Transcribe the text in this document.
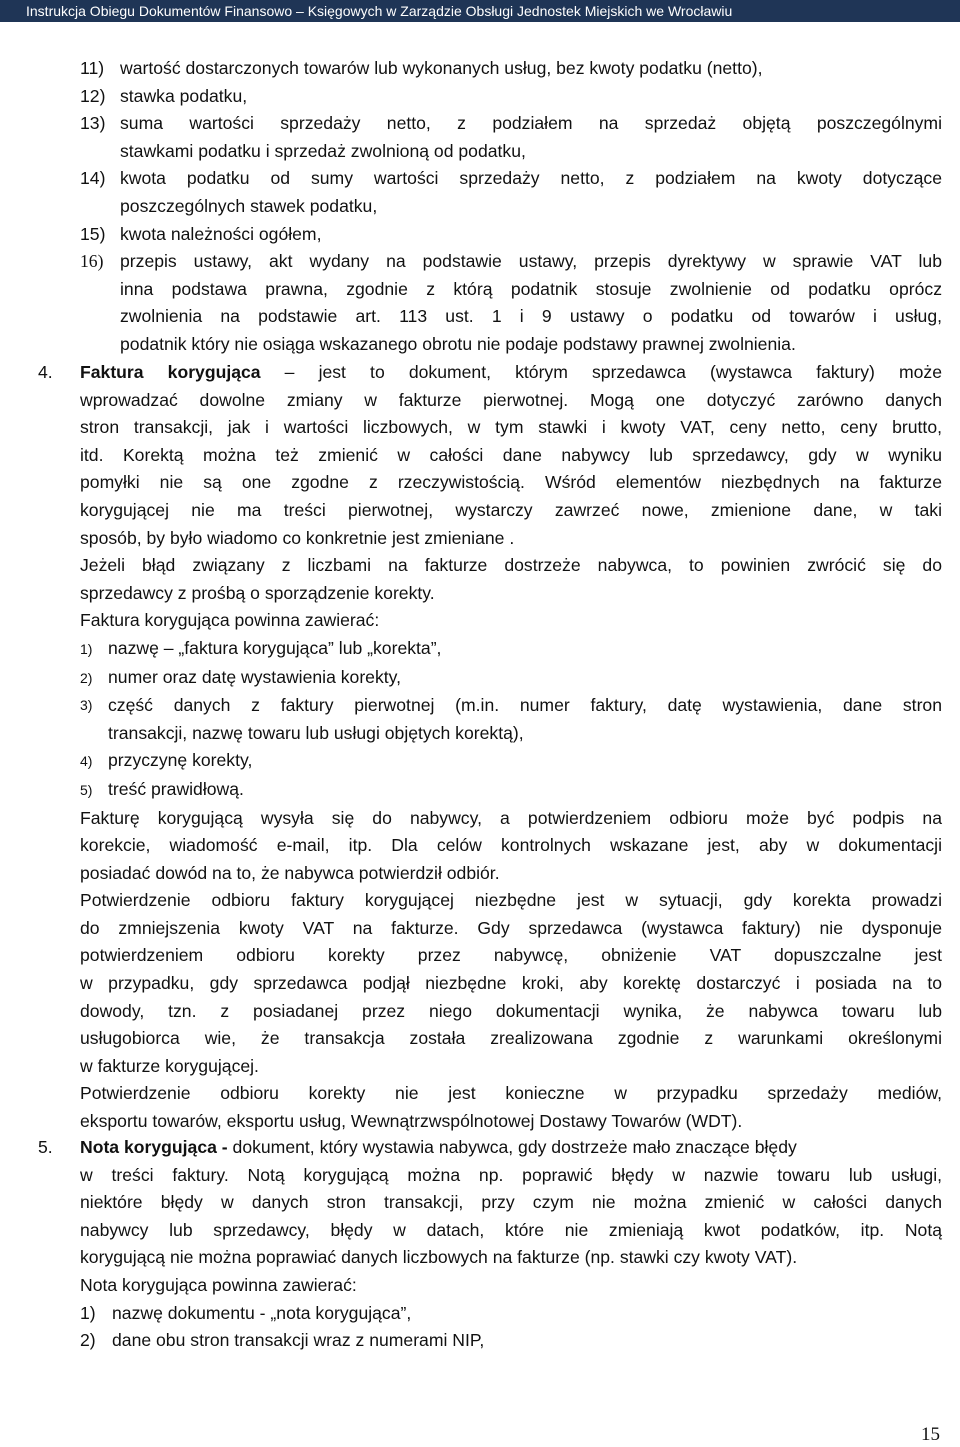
Instrukcja Obiegu Dokumentów Finansowo – Księgowych w Zarządzie Obsługi Jednostek Miejskich we Wrocławiu
11) wartość dostarczonych towarów lub wykonanych usług, bez kwoty podatku (netto),
12) stawka podatku,
13) suma wartości sprzedaży netto, z podziałem na sprzedaż objętą poszczególnymi
stawkami podatku i sprzedaż zwolnioną od podatku,
14) kwota podatku od sumy wartości sprzedaży netto, z podziałem na kwoty dotyczące
poszczególnych stawek podatku,
15) kwota należności ogółem,
16) przepis ustawy, akt wydany na podstawie ustawy, przepis dyrektywy w sprawie VAT lub
inna podstawa prawna, zgodnie z którą podatnik stosuje zwolnienie od podatku oprócz
zwolnienia na podstawie art. 113 ust. 1 i 9 ustawy o podatku od towarów i usług,
podatnik który nie osiąga wskazanego obrotu nie podaje podstawy prawnej zwolnienia.
4. Faktura korygująca – jest to dokument, którym sprzedawca (wystawca faktury) może
wprowadzać dowolne zmiany w fakturze pierwotnej. Mogą one dotyczyć zarówno danych
stron transakcji, jak i wartości liczbowych, w tym stawki i kwoty VAT, ceny netto, ceny brutto,
itd. Korektą można też zmienić w całości dane nabywcy lub sprzedawcy, gdy w wyniku
pomyłki nie są one zgodne z rzeczywistością. Wśród elementów niezbędnych na fakturze
korygującej nie ma treści pierwotnej, wystarczy zawrzeć nowe, zmienione dane, w taki
sposób, by było wiadomo co konkretnie jest zmieniane .
Jeżeli błąd związany z liczbami na fakturze dostrzeże nabywca, to powinien zwrócić się do
sprzedawcy z prośbą o sporządzenie korekty.
Faktura korygująca powinna zawierać:
1) nazwę – „faktura korygująca” lub „korekta”,
2) numer oraz datę wystawienia korekty,
3) część danych z faktury pierwotnej (m.in. numer faktury, datę wystawienia, dane stron
transakcji, nazwę towaru lub usługi objętych korektą),
4) przyczynę korekty,
5) treść prawidłową.
Fakturę korygującą wysyła się do nabywcy, a potwierdzeniem odbioru może być podpis na
korekcie, wiadomość e-mail, itp. Dla celów kontrolnych wskazane jest, aby w dokumentacji
posiadać dowód na to, że nabywca potwierdził odbiór.
Potwierdzenie odbioru faktury korygującej niezbędne jest w sytuacji, gdy korekta prowadzi
do zmniejszenia kwoty VAT na fakturze. Gdy sprzedawca (wystawca faktury) nie dysponuje
potwierdzeniem odbioru korekty przez nabywcę, obniżenie VAT dopuszczalne jest
w przypadku, gdy sprzedawca podjął niezbędne kroki, aby korektę dostarczyć i posiada na to
dowody, tzn. z posiadanej przez niego dokumentacji wynika, że nabywca towaru lub
usługobiorca wie, że transakcja została zrealizowana zgodnie z warunkami określonymi
w fakturze korygującej.
Potwierdzenie odbioru korekty nie jest konieczne w przypadku sprzedaży mediów,
eksportu towarów, eksportu usług, Wewnątrzwspólnotowej Dostawy Towarów (WDT).
5. Nota korygująca - dokument, który wystawia nabywca, gdy dostrzeże mało znaczące błędy
w treści faktury. Notą korygującą można np. poprawić błędy w nazwie towaru lub usługi,
niektóre błędy w danych stron transakcji, przy czym nie można zmienić w całości danych
nabywcy lub sprzedawcy, błędy w datach, które nie zmieniają kwot podatków, itp. Notą
korygującą nie można poprawiać danych liczbowych na fakturze (np. stawki czy kwoty VAT).
Nota korygująca powinna zawierać:
1) nazwę dokumentu - „nota korygująca”,
2) dane obu stron transakcji wraz z numerami NIP,
15
